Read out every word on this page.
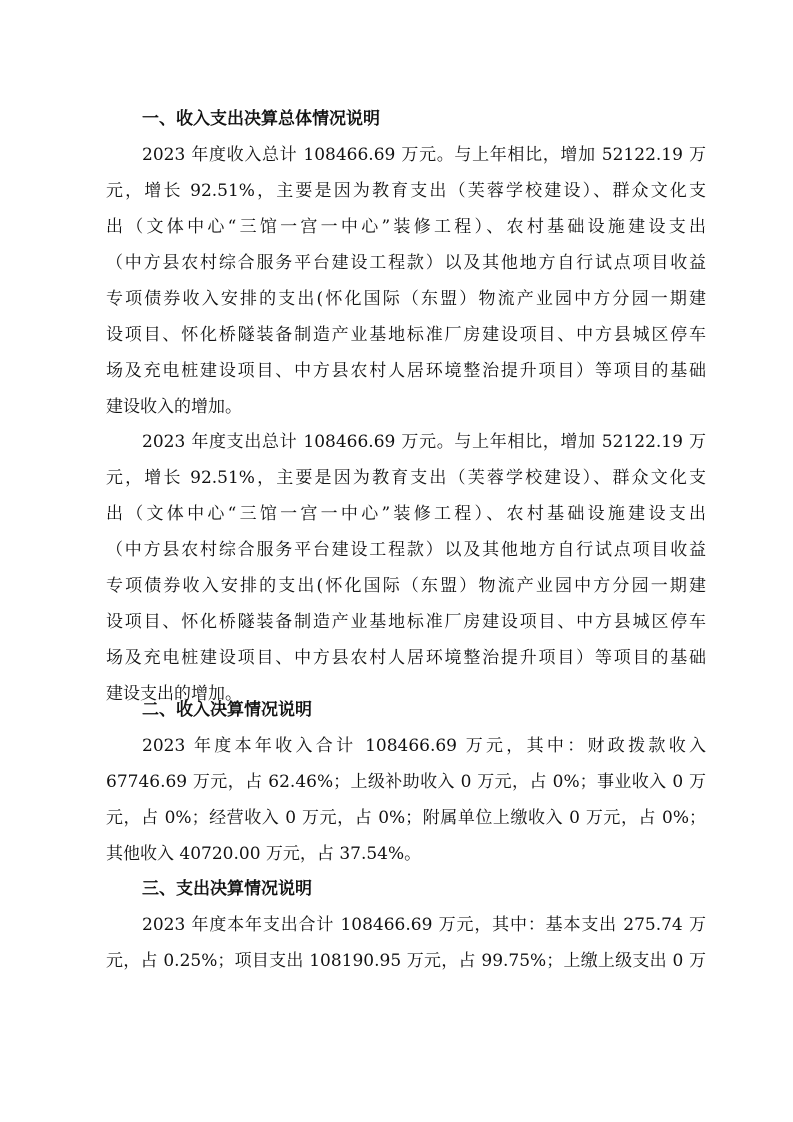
一、收入支出决算总体情况说明
2023 年度收入总计 108466.69 万元。与上年相比，增加 52122.19 万
元，增长 92.51%，主要是因为教育支出（芙蓉学校建设）、群众文化支
出（文体中心“三馆一宫一中心”装修工程）、农村基础设施建设支出
（中方县农村综合服务平台建设工程款）以及其他地方自行试点项目收益
专项债券收入安排的支出(怀化国际（东盟）物流产业园中方分园一期建
设项目、怀化桥隧装备制造产业基地标准厂房建设项目、中方县城区停车
场及充电桩建设项目、中方县农村人居环境整治提升项目）等项目的基础
建设收入的增加。
2023 年度支出总计 108466.69 万元。与上年相比，增加 52122.19 万
元，增长 92.51%，主要是因为教育支出（芙蓉学校建设）、群众文化支
出（文体中心“三馆一宫一中心”装修工程）、农村基础设施建设支出
（中方县农村综合服务平台建设工程款）以及其他地方自行试点项目收益
专项债券收入安排的支出(怀化国际（东盟）物流产业园中方分园一期建
设项目、怀化桥隧装备制造产业基地标准厂房建设项目、中方县城区停车
场及充电桩建设项目、中方县农村人居环境整治提升项目）等项目的基础
建设支出的增加。
二、收入决算情况说明
2023 年度本年收入合计 108466.69 万元，其中：财政拨款收入
67746.69 万元，占 62.46%；上级补助收入 0 万元，占 0%；事业收入 0 万
元，占 0%；经营收入 0 万元，占 0%；附属单位上缴收入 0 万元，占 0%；
其他收入 40720.00 万元，占 37.54%。
三、支出决算情况说明
2023 年度本年支出合计 108466.69 万元，其中：基本支出 275.74 万
元，占 0.25%；项目支出 108190.95 万元，占 99.75%；上缴上级支出 0 万
